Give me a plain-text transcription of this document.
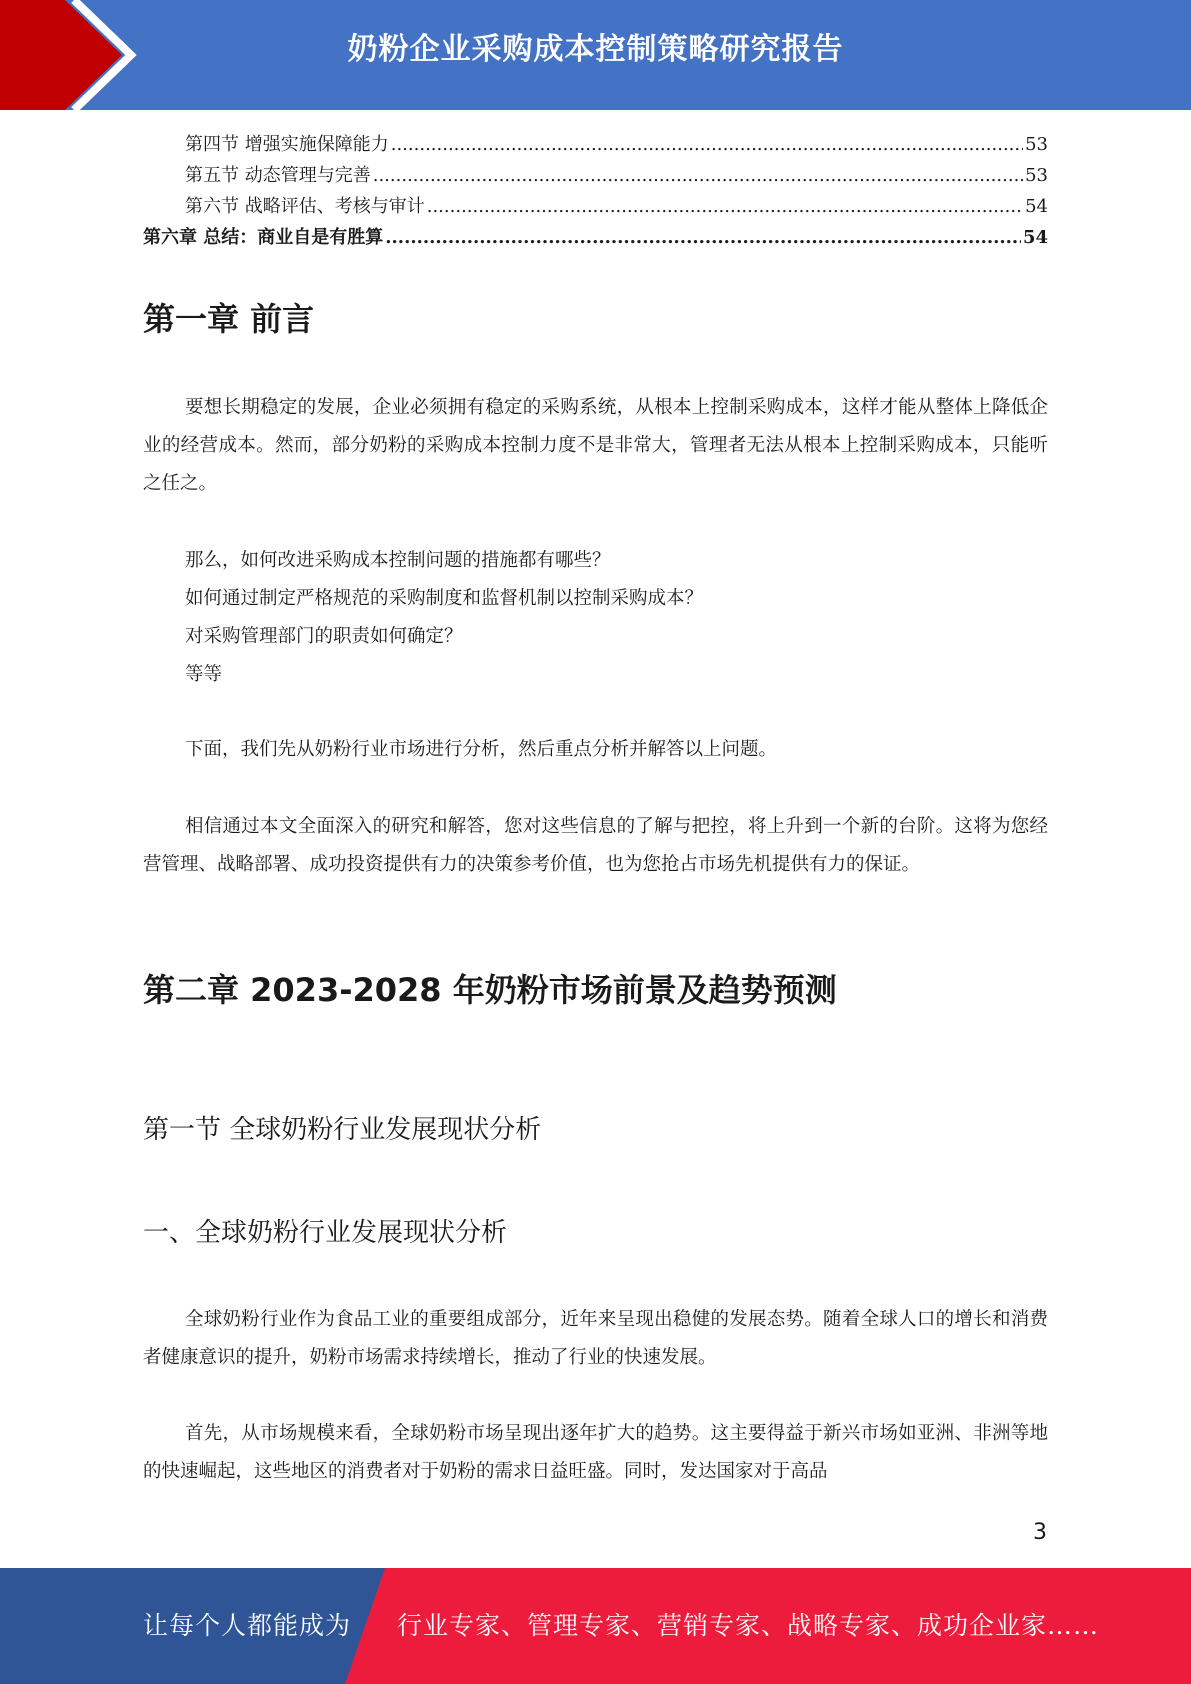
奶粉企业采购成本控制策略研究报告
第四节 增强实施保障能力 .....	53
第五节 动态管理与完善 .....	53
第六节 战略评估、考核与审计 .....	54
第六章 总结：商业自是有胜算 .....	54
第一章 前言
要想长期稳定的发展，企业必须拥有稳定的采购系统，从根本上控制采购成本，这样才能从整体上降低企业的经营成本。然而，部分奶粉的采购成本控制力度不是非常大，管理者无法从根本上控制采购成本，只能听之任之。
那么，如何改进采购成本控制问题的措施都有哪些？
如何通过制定严格规范的采购制度和监督机制以控制采购成本？
对采购管理部门的职责如何确定？
等等
下面，我们先从奶粉行业市场进行分析，然后重点分析并解答以上问题。
相信通过本文全面深入的研究和解答，您对这些信息的了解与把控，将上升到一个新的台阶。这将为您经营管理、战略部署、成功投资提供有力的决策参考价值，也为您抢占市场先机提供有力的保证。
第二章 2023-2028 年奶粉市场前景及趋势预测
第一节 全球奶粉行业发展现状分析
一、全球奶粉行业发展现状分析
全球奶粉行业作为食品工业的重要组成部分，近年来呈现出稳健的发展态势。随着全球人口的增长和消费者健康意识的提升，奶粉市场需求持续增长，推动了行业的快速发展。
首先，从市场规模来看，全球奶粉市场呈现出逐年扩大的趋势。这主要得益于新兴市场如亚洲、非洲等地的快速崛起，这些地区的消费者对于奶粉的需求日益旺盛。同时，发达国家对于高品
3
让每个人都能成为 行业专家、管理专家、营销专家、战略专家、成功企业家……
